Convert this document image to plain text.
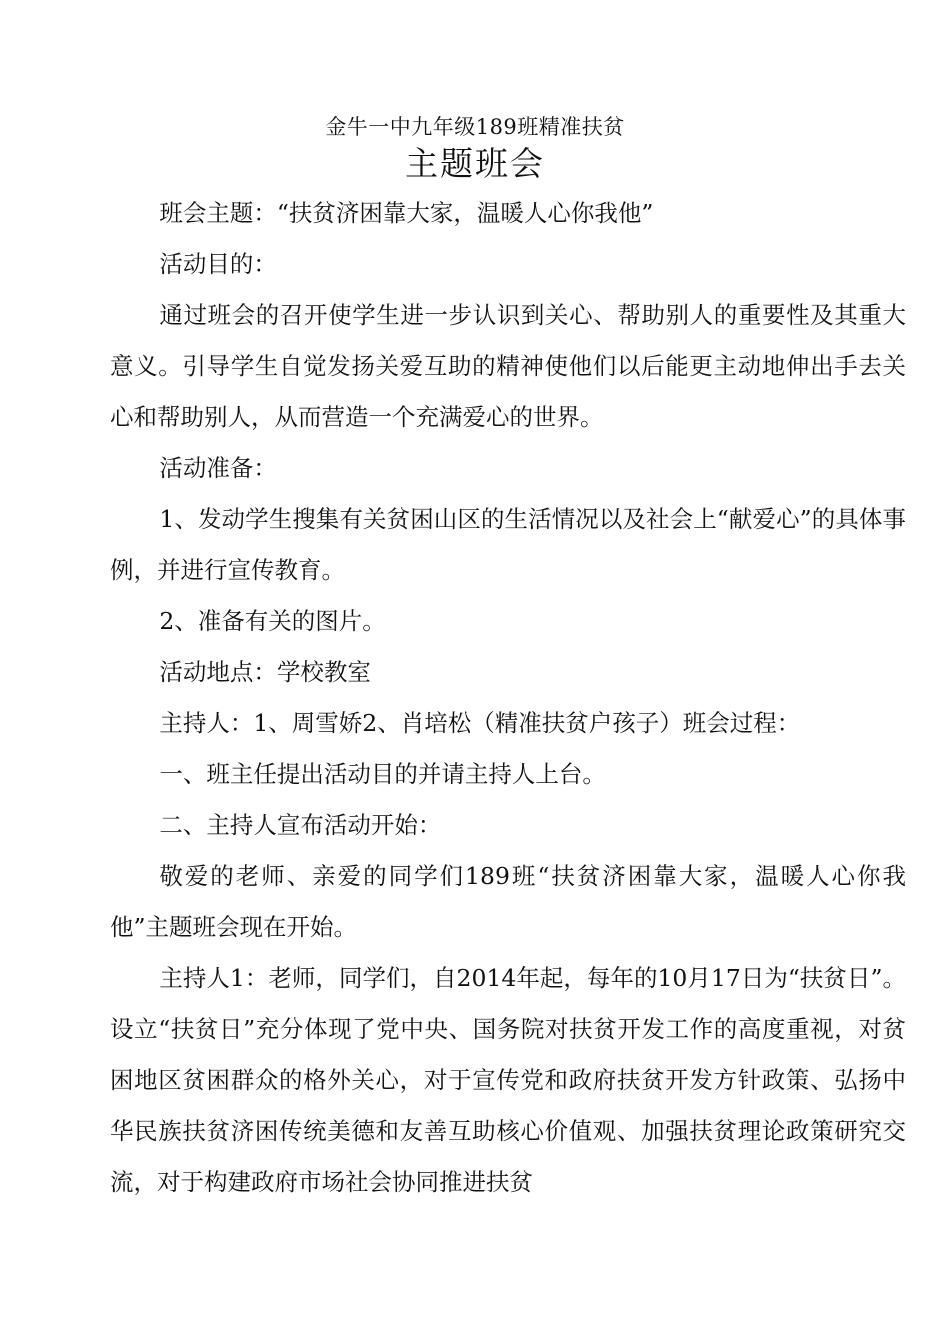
金牛一中九年级189班精准扶贫
主题班会

班会主题：“扶贫济困靠大家，温暖人心你我他”

活动目的：

通过班会的召开使学生进一步认识到关心、帮助别人的重要性及其重大意义。引导学生自觉发扬关爱互助的精神使他们以后能更主动地伸出手去关心和帮助别人，从而营造一个充满爱心的世界。

活动准备：

1、发动学生搜集有关贫困山区的生活情况以及社会上“献爱心”的具体事例，并进行宣传教育。

2、准备有关的图片。

活动地点：学校教室

主持人：1、周雪娇2、肖培松（精准扶贫户孩子）班会过程：

一、班主任提出活动目的并请主持人上台。

二、主持人宣布活动开始：

敬爱的老师、亲爱的同学们189班“扶贫济困靠大家，温暖人心你我他”主题班会现在开始。

主持人1：老师，同学们，自2014年起，每年的10月17日为“扶贫日”。设立“扶贫日”充分体现了党中央、国务院对扶贫开发工作的高度重视，对贫困地区贫困群众的格外关心，对于宣传党和政府扶贫开发方针政策、弘扬中华民族扶贫济困传统美德和友善互助核心价值观、加强扶贫理论政策研究交流，对于构建政府市场社会协同推进扶贫
